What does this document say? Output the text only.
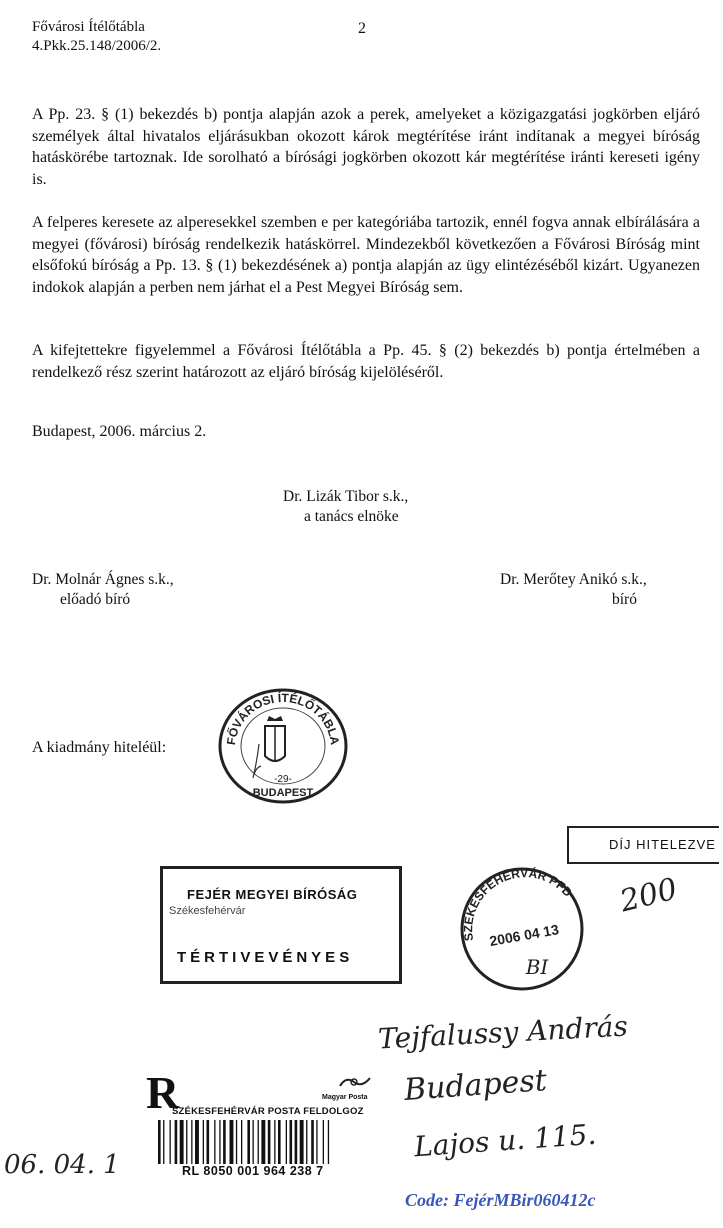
Fővárosi Ítélőtábla
4.Pkk.25.148/2006/2.
2
A Pp. 23. § (1) bekezdés b) pontja alapján azok a perek, amelyeket a közigazgatási jogkörben eljáró személyek által hivatalos eljárásukban okozott károk megtérítése iránt indítanak a megyei bíróság hatáskörébe tartoznak. Ide sorolható a bírósági jogkörben okozott kár megtérítése iránti kereseti igény is.
A felperes keresete az alperesekkel szemben e per kategóriába tartozik, ennél fogva annak elbírálására a megyei (fővárosi) bíróság rendelkezik hatáskörrel. Mindezekből következően a Fővárosi Bíróság mint elsőfokú bíróság a Pp. 13. § (1) bekezdésének a) pontja alapján az ügy elintézéséből kizárt. Ugyanezen indokok alapján a perben nem járhat el a Pest Megyei Bíróság sem.
A kifejtettekre figyelemmel a Fővárosi Ítélőtábla a Pp. 45. § (2) bekezdés b) pontja értelmében a rendelkező rész szerint határozott az eljáró bíróság kijelöléséről.
Budapest, 2006. március 2.
Dr. Lizák Tibor s.k.,
a tanács elnöke
Dr. Molnár Ágnes s.k.,
előadó bíró
Dr. Merőtey Anikó s.k.,
bíró
A kiadmány hiteléül:	FŐVÁROSI ÍTÉLŐTÁBLA
-29-
BUDAPEST
DÍJ HITELEZVE
FEJÉR MEGYEI BÍRÓSÁG
Székesfehérvár
TÉRTIVEVÉNYES
SZÉKESFEHÉRVÁR PFD
2006 04 13
BI
200
Tejfalussy András
Budapest
Lajos u. 115.
06. 04. 1
R	Magyar Posta
SZÉKESFEHÉRVÁR POSTA FELDOLGOZ
RL 8050 001 964 238 7
Code: FejérMBir060412c
